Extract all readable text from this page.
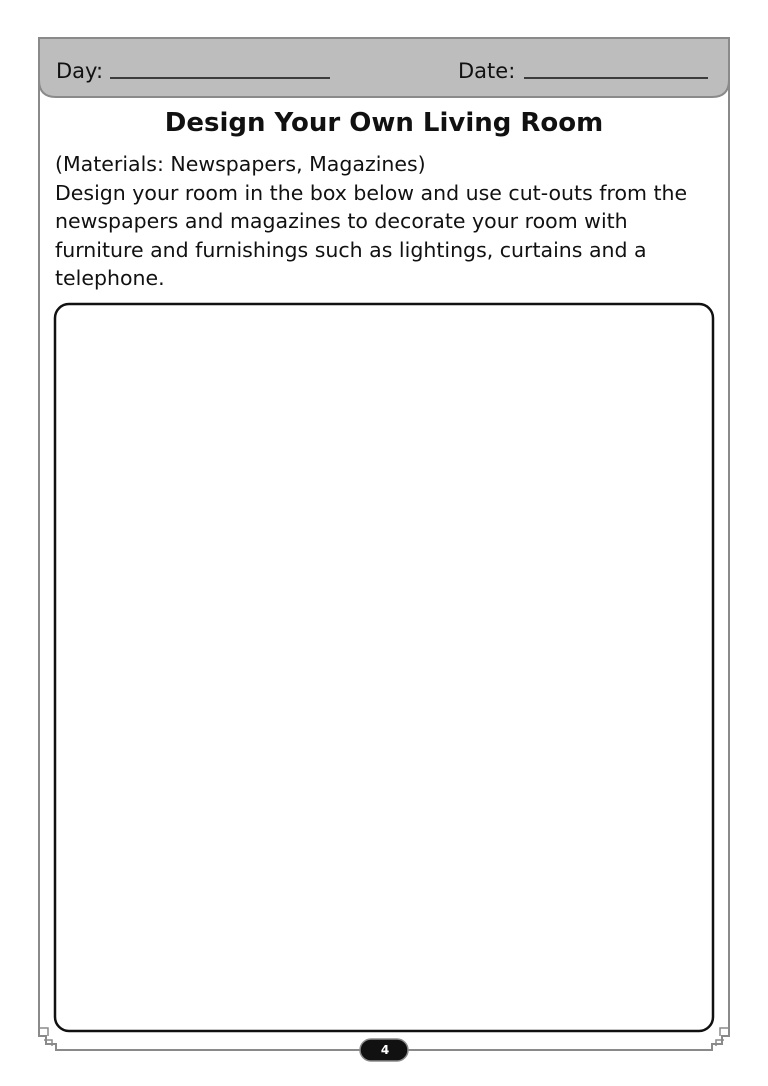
Day:	Date:
Design Your Own Living Room

(Materials: Newspapers, Magazines)

Design your room in the box below and use cut-outs from the newspapers and magazines to decorate your room with furniture and furnishings such as lightings, curtains and a telephone.

4
